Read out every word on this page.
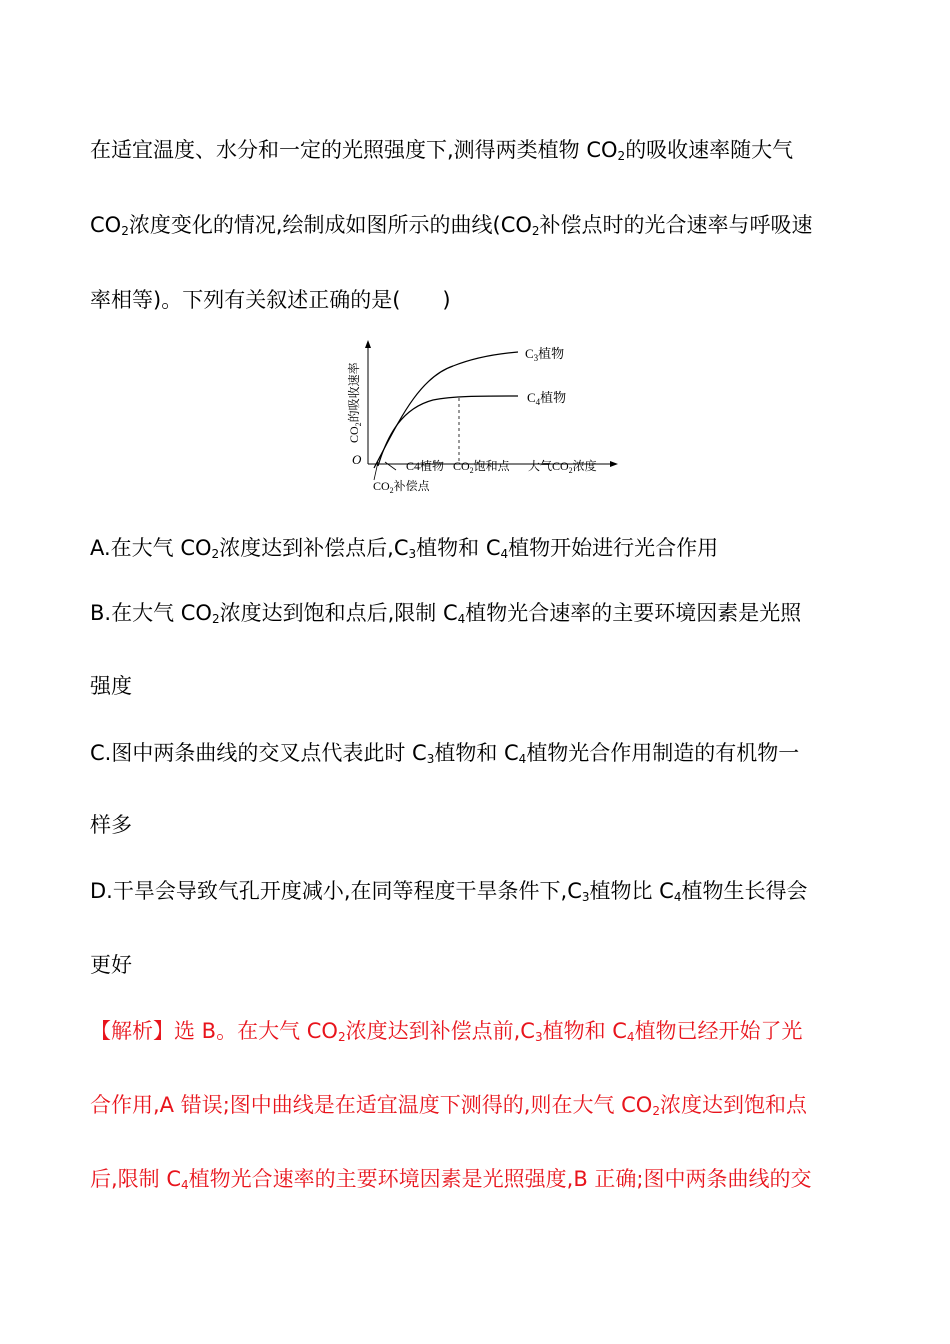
在适宜温度、水分和一定的光照强度下,测得两类植物 $CO_2$的吸收速率随大气

$CO_2$浓度变化的情况,绘制成如图所示的曲线($CO_2$补偿点时的光合速率与呼吸速

率相等)。下列有关叙述正确的是(　　)

O
$C_3$植物
$C_4$植物
C4植物 $CO_2$饱和点 大气$CO_2$浓度
$CO_2$补偿点
$CO_2$的吸收速率

A.在大气 $CO_2$浓度达到补偿点后$,C_3$植物和 $C_4$植物开始进行光合作用

B.在大气 $CO_2$浓度达到饱和点后,限制 $C_4$植物光合速率的主要环境因素是光照

强度

C.图中两条曲线的交叉点代表此时 $C_3$植物和 $C_4$植物光合作用制造的有机物一

样多

D.干旱会导致气孔开度减小,在同等程度干旱条件下$,C_3$植物比 $C_4$植物生长得会

更好

【解析】选 B。在大气 $CO_2$浓度达到补偿点前$,C_3$植物和 $C_4$植物已经开始了光

合作用,A 错误;图中曲线是在适宜温度下测得的,则在大气 $CO_2$浓度达到饱和点

后,限制 $C_4$植物光合速率的主要环境因素是光照强度,B 正确;图中两条曲线的交
